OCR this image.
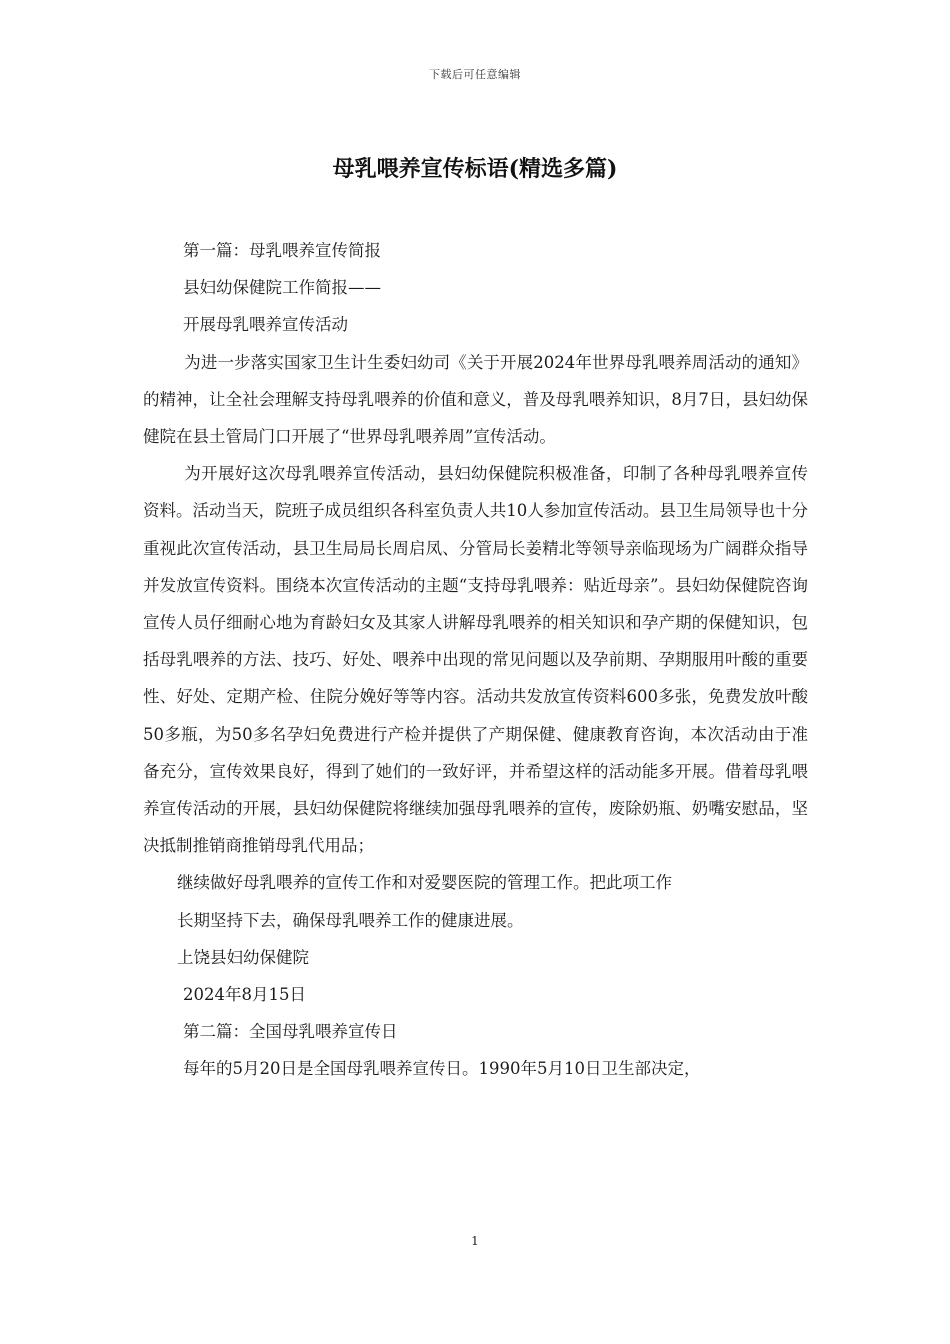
下载后可任意编辑
母乳喂养宣传标语(精选多篇)
第一篇：母乳喂养宣传简报
县妇幼保健院工作简报——
开展母乳喂养宣传活动

为进一步落实国家卫生计生委妇幼司《关于开展2024年世界母乳喂养周活动的通知》的精神，让全社会理解支持母乳喂养的价值和意义，普及母乳喂养知识，8月7日，县妇幼保健院在县土管局门口开展了“世界母乳喂养周”宣传活动。

为开展好这次母乳喂养宣传活动，县妇幼保健院积极准备，印制了各种母乳喂养宣传资料。活动当天，院班子成员组织各科室负责人共10人参加宣传活动。县卫生局领导也十分重视此次宣传活动，县卫生局局长周启凤、分管局长姜精北等领导亲临现场为广阔群众指导并发放宣传资料。围绕本次宣传活动的主题“支持母乳喂养：贴近母亲”。县妇幼保健院咨询宣传人员仔细耐心地为育龄妇女及其家人讲解母乳喂养的相关知识和孕产期的保健知识，包括母乳喂养的方法、技巧、好处、喂养中出现的常见问题以及孕前期、孕期服用叶酸的重要性、好处、定期产检、住院分娩好等等内容。活动共发放宣传资料600多张，免费发放叶酸50多瓶，为50多名孕妇免费进行产检并提供了产期保健、健康教育咨询，本次活动由于准备充分，宣传效果良好，得到了她们的一致好评，并希望这样的活动能多开展。借着母乳喂养宣传活动的开展，县妇幼保健院将继续加强母乳喂养的宣传，废除奶瓶、奶嘴安慰品，坚决抵制推销商推销母乳代用品；

继续做好母乳喂养的宣传工作和对爱婴医院的管理工作。把此项工作
长期坚持下去，确保母乳喂养工作的健康进展。
上饶县妇幼保健院
2024年8月15日
第二篇：全国母乳喂养宣传日
每年的5月20日是全国母乳喂养宣传日。1990年5月10日卫生部决定，
1
